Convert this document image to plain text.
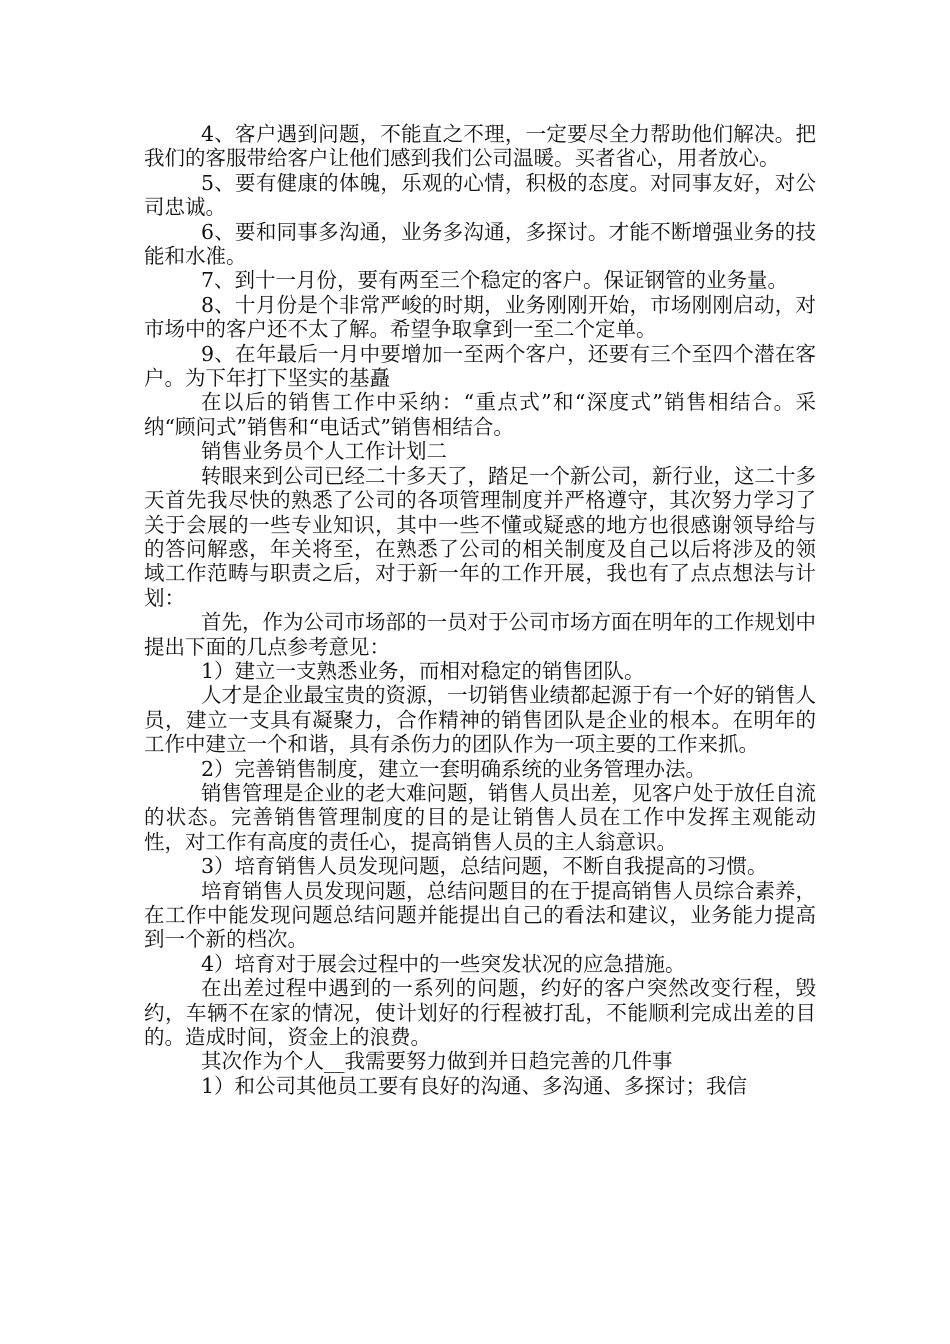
4、客户遇到问题，不能直之不理，一定要尽全力帮助他们解决。把我们的客服带给客户让他们感到我们公司温暖。买者省心，用者放心。

5、要有健康的体魄，乐观的心情，积极的态度。对同事友好，对公司忠诚。

6、要和同事多沟通，业务多沟通，多探讨。才能不断增强业务的技能和水准。

7、到十一月份，要有两至三个稳定的客户。保证钢管的业务量。

8、十月份是个非常严峻的时期，业务刚刚开始，市场刚刚启动，对市场中的客户还不太了解。希望争取拿到一至二个定单。

9、在年最后一月中要增加一至两个客户，还要有三个至四个潜在客户。为下年打下坚实的基矗

在以后的销售工作中采纳：“重点式”和“深度式”销售相结合。采纳“顾问式”销售和“电话式”销售相结合。

销售业务员个人工作计划二

转眼来到公司已经二十多天了，踏足一个新公司，新行业，这二十多天首先我尽快的熟悉了公司的各项管理制度并严格遵守，其次努力学习了关于会展的一些专业知识，其中一些不懂或疑惑的地方也很感谢领导给与的答问解惑，年关将至，在熟悉了公司的相关制度及自己以后将涉及的领域工作范畴与职责之后，对于新一年的工作开展，我也有了点点想法与计划：

首先，作为公司市场部的一员对于公司市场方面在明年的工作规划中提出下面的几点参考意见：

1）建立一支熟悉业务，而相对稳定的销售团队。

人才是企业最宝贵的资源，一切销售业绩都起源于有一个好的销售人员，建立一支具有凝聚力，合作精神的销售团队是企业的根本。在明年的工作中建立一个和谐，具有杀伤力的团队作为一项主要的工作来抓。

2）完善销售制度，建立一套明确系统的业务管理办法。

销售管理是企业的老大难问题，销售人员出差，见客户处于放任自流的状态。完善销售管理制度的目的是让销售人员在工作中发挥主观能动性，对工作有高度的责任心，提高销售人员的主人翁意识。

3）培育销售人员发现问题，总结问题，不断自我提高的习惯。

培育销售人员发现问题，总结问题目的在于提高销售人员综合素养，在工作中能发现问题总结问题并能提出自己的看法和建议，业务能力提高到一个新的档次。

4）培育对于展会过程中的一些突发状况的应急措施。

在出差过程中遇到的一系列的问题，约好的客户突然改变行程，毁约，车辆不在家的情况，使计划好的行程被打乱，不能顺利完成出差的目的。造成时间，资金上的浪费。

其次作为个人__我需要努力做到并日趋完善的几件事

1）和公司其他员工要有良好的沟通、多沟通、多探讨；我信
